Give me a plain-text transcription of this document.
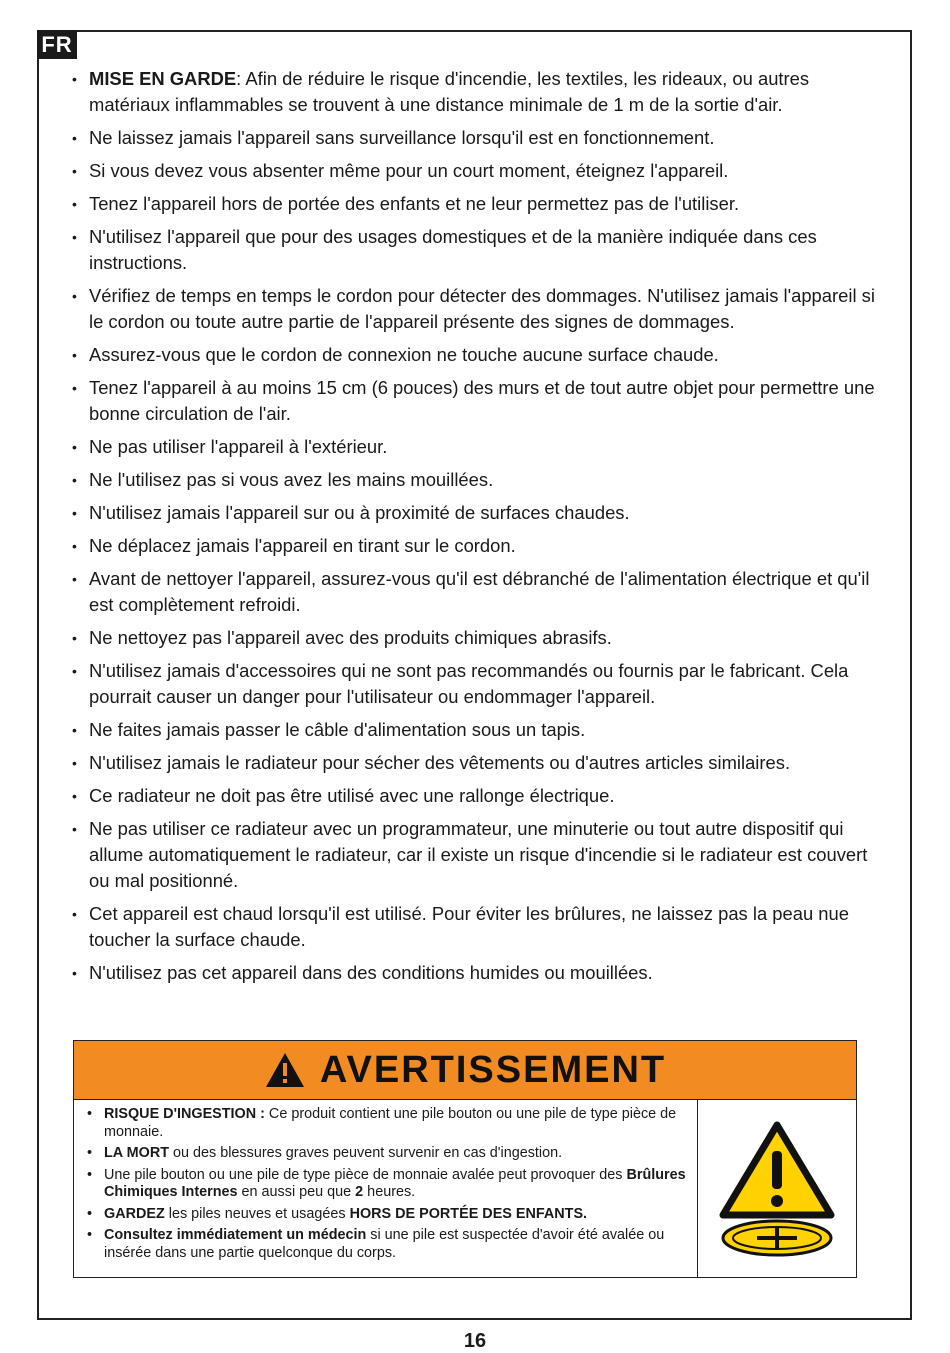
FR
• MISE EN GARDE: Afin de réduire le risque d'incendie, les textiles, les rideaux, ou autres matériaux inflammables se trouvent à une distance minimale de 1 m de la sortie d'air.
• Ne laissez jamais l'appareil sans surveillance lorsqu'il est en fonctionnement.
• Si vous devez vous absenter même pour un court moment, éteignez l'appareil.
• Tenez l'appareil hors de portée des enfants et ne leur permettez pas de l'utiliser.
• N'utilisez l'appareil que pour des usages domestiques et de la manière indiquée dans ces instructions.
• Vérifiez de temps en temps le cordon pour détecter des dommages. N'utilisez jamais l'appareil si le cordon ou toute autre partie de l'appareil présente des signes de dommages.
• Assurez-vous que le cordon de connexion ne touche aucune surface chaude.
• Tenez l'appareil à au moins 15 cm (6 pouces) des murs et de tout autre objet pour permettre une bonne circulation de l'air.
• Ne pas utiliser l'appareil à l'extérieur.
• Ne l'utilisez pas si vous avez les mains mouillées.
• N'utilisez jamais l'appareil sur ou à proximité de surfaces chaudes.
• Ne déplacez jamais l'appareil en tirant sur le cordon.
• Avant de nettoyer l'appareil, assurez-vous qu'il est débranché de l'alimentation électrique et qu'il est complètement refroidi.
• Ne nettoyez pas l'appareil avec des produits chimiques abrasifs.
• N'utilisez jamais d'accessoires qui ne sont pas recommandés ou fournis par le fabricant. Cela pourrait causer un danger pour l'utilisateur ou endommager l'appareil.
• Ne faites jamais passer le câble d'alimentation sous un tapis.
• N'utilisez jamais le radiateur pour sécher des vêtements ou d'autres articles similaires.
• Ce radiateur ne doit pas être utilisé avec une rallonge électrique.
• Ne pas utiliser ce radiateur avec un programmateur, une minuterie ou tout autre dispositif qui allume automatiquement le radiateur, car il existe un risque d'incendie si le radiateur est couvert ou mal positionné.
• Cet appareil est chaud lorsqu'il est utilisé. Pour éviter les brûlures, ne laissez pas la peau nue toucher la surface chaude.
• N'utilisez pas cet appareil dans des conditions humides ou mouillées.
AVERTISSEMENT
• RISQUE D'INGESTION : Ce produit contient une pile bouton ou une pile de type pièce de monnaie.
• LA MORT ou des blessures graves peuvent survenir en cas d'ingestion.
• Une pile bouton ou une pile de type pièce de monnaie avalée peut provoquer des Brûlures Chimiques Internes en aussi peu que 2 heures.
• GARDEZ les piles neuves et usagées HORS DE PORTÉE DES ENFANTS.
• Consultez immédiatement un médecin si une pile est suspectée d'avoir été avalée ou insérée dans une partie quelconque du corps.
16
